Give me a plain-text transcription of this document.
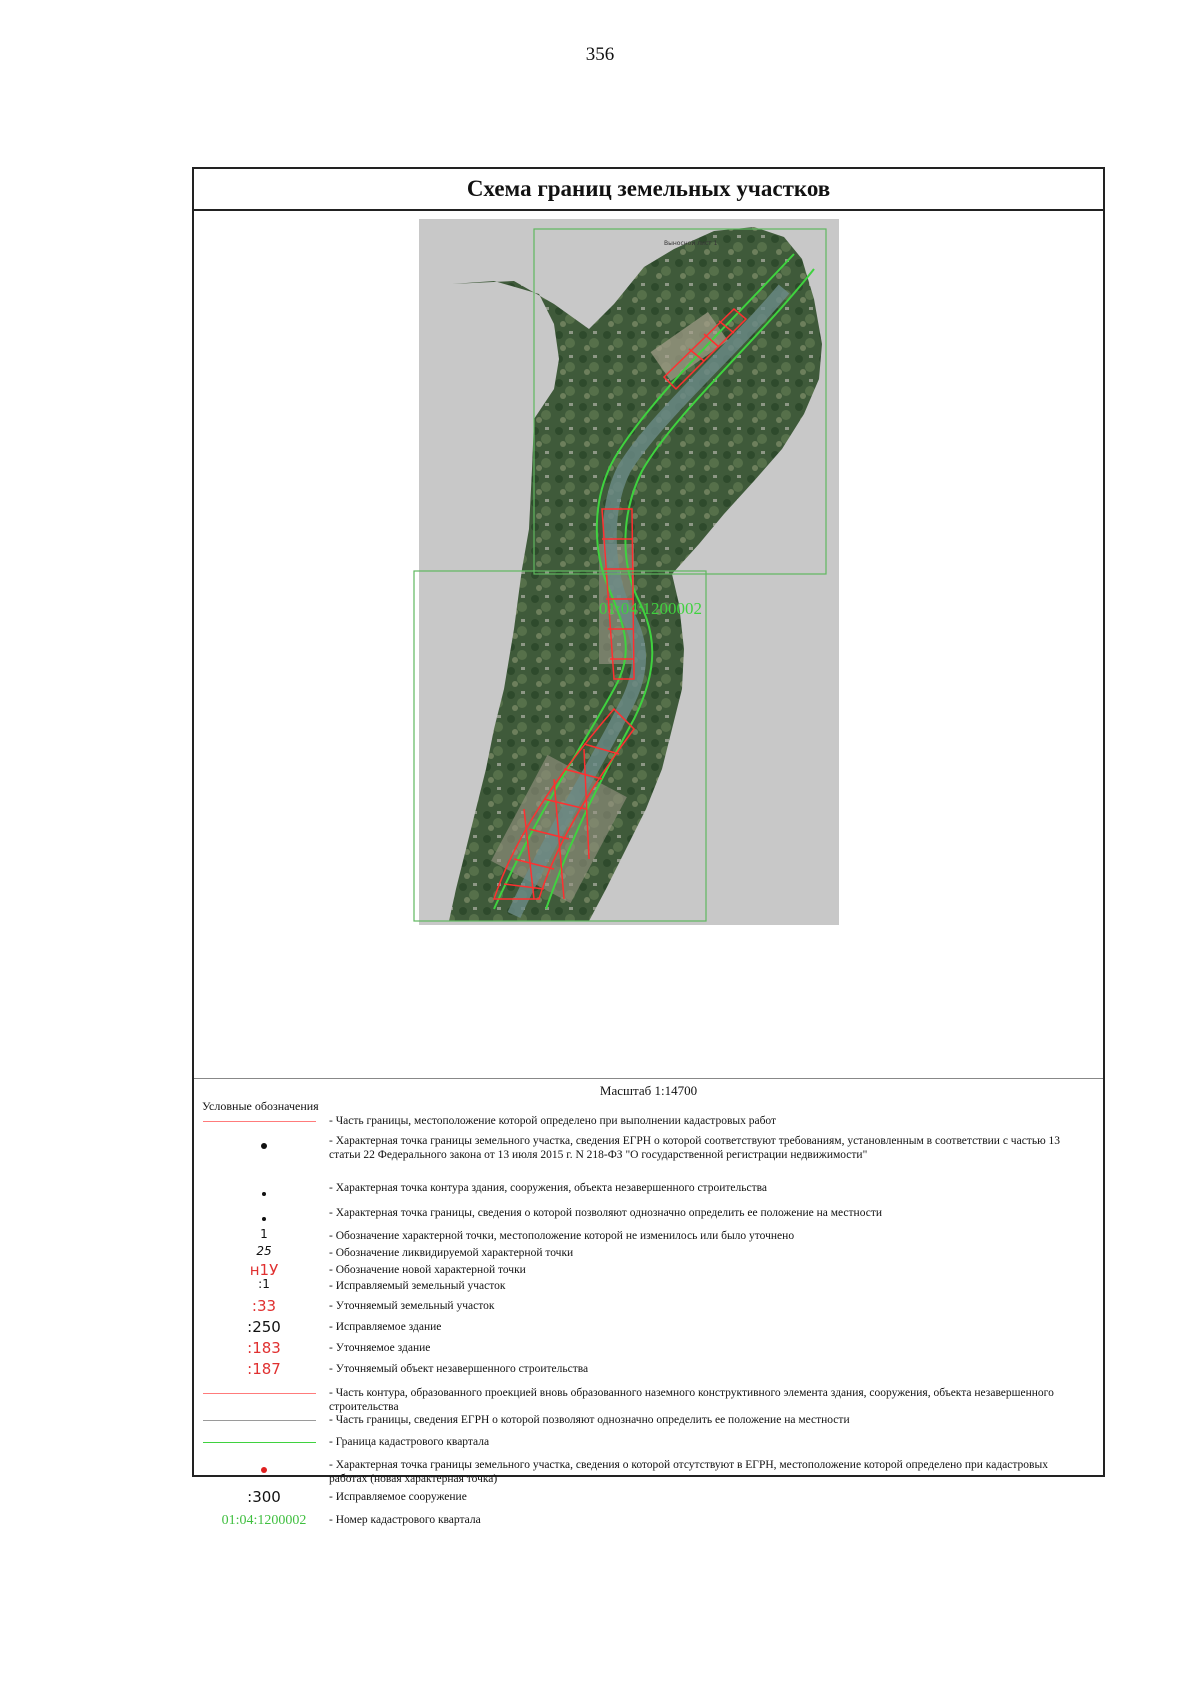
356
Схема границ земельных участков
Выносной лист 1
01:04:1200002
Масштаб 1:14700
Условные обозначения
- Часть границы, местоположение которой определено при выполнении кадастровых работ
- Характерная точка границы земельного участка, сведения ЕГРН о которой соответствуют требованиям, установленным в соответствии с частью 13 статьи 22 Федерального закона от 13 июля 2015 г. N 218-ФЗ "О государственной регистрации недвижимости"
- Характерная точка контура здания, сооружения, объекта незавершенного строительства
- Характерная точка границы, сведения о которой позволяют однозначно определить ее положение на местности
1	- Обозначение характерной точки, местоположение которой не изменилось или было уточнено
25	- Обозначение ликвидируемой характерной точки
н1У	- Обозначение новой характерной точки
:1	- Исправляемый земельный участок
:33	- Уточняемый земельный участок
:250	- Исправляемое здание
:183	- Уточняемое здание
:187	- Уточняемый объект незавершенного строительства
- Часть контура, образованного проекцией вновь образованного наземного конструктивного элемента здания, сооружения, объекта незавершенного строительства
- Часть границы, сведения ЕГРН о которой позволяют однозначно определить ее положение на местности
- Граница кадастрового квартала
- Характерная точка границы земельного участка, сведения о которой отсутствуют в ЕГРН, местоположение которой определено при кадастровых работах (новая характерная точка)
:300	- Исправляемое сооружение
01:04:1200002	- Номер кадастрового квартала
